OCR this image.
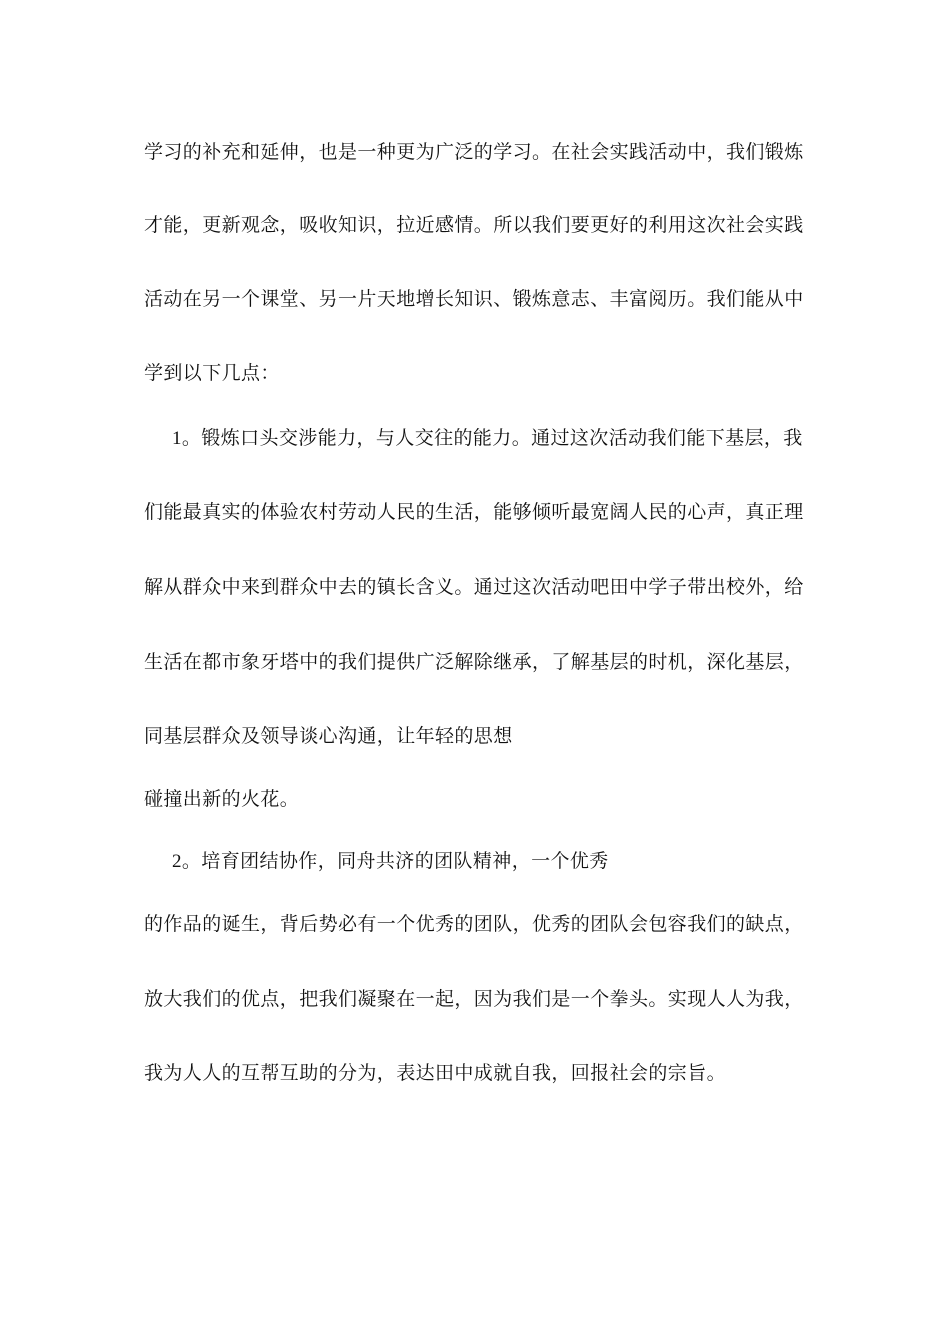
学习的补充和延伸，也是一种更为广泛的学习。在社会实践活动中，我们锻炼
才能，更新观念，吸收知识，拉近感情。所以我们要更好的利用这次社会实践
活动在另一个课堂、另一片天地增长知识、锻炼意志、丰富阅历。我们能从中
学到以下几点：
1。锻炼口头交涉能力，与人交往的能力。通过这次活动我们能下基层，我
们能最真实的体验农村劳动人民的生活，能够倾听最宽阔人民的心声，真正理
解从群众中来到群众中去的镇长含义。通过这次活动吧田中学子带出校外，给
生活在都市象牙塔中的我们提供广泛解除继承，了解基层的时机，深化基层，
同基层群众及领导谈心沟通，让年轻的思想
碰撞出新的火花。
2。培育团结协作，同舟共济的团队精神，一个优秀
的作品的诞生，背后势必有一个优秀的团队，优秀的团队会包容我们的缺点，
放大我们的优点，把我们凝聚在一起，因为我们是一个拳头。实现人人为我，
我为人人的互帮互助的分为，表达田中成就自我，回报社会的宗旨。
